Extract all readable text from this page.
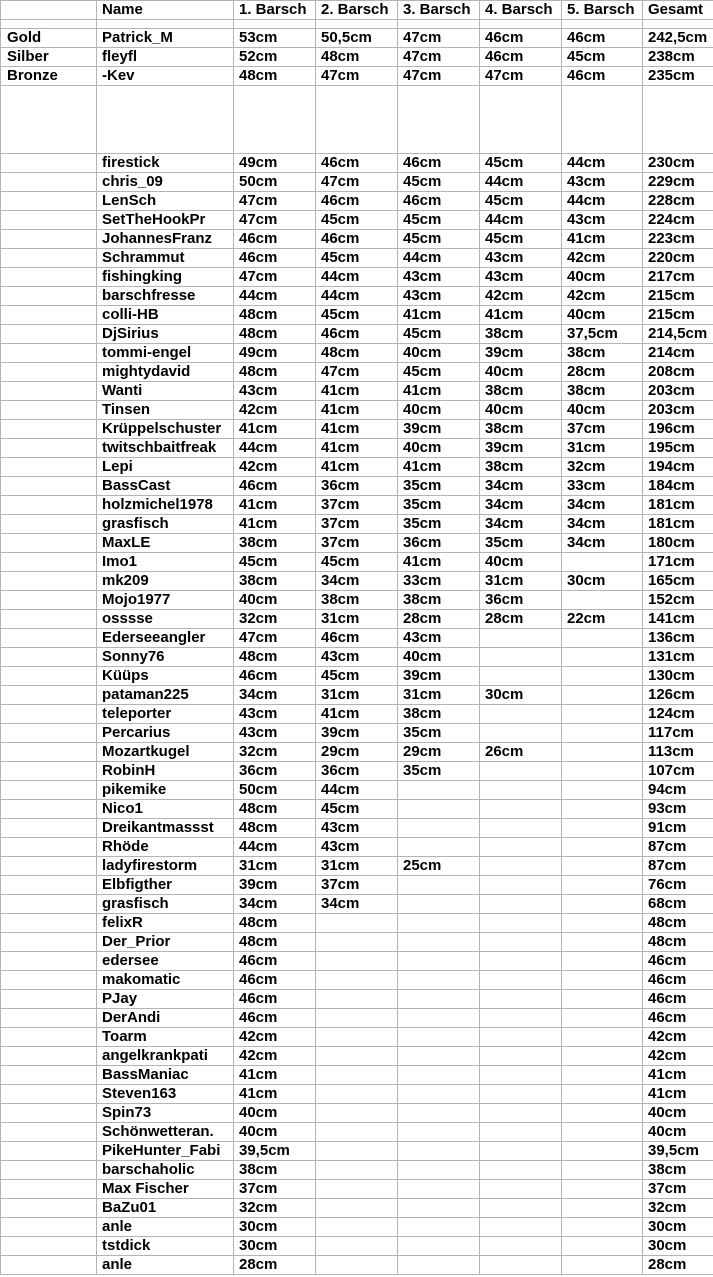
	Name	1. Barsch	2. Barsch	3. Barsch	4. Barsch	5. Barsch	Gesamt

Gold	Patrick_M	53cm	50,5cm	47cm	46cm	46cm	242,5cm
Silber	fleyfl	52cm	48cm	47cm	46cm	45cm	238cm
Bronze	-Kev	48cm	47cm	47cm	47cm	46cm	235cm

	firestick	49cm	46cm	46cm	45cm	44cm	230cm
	chris_09	50cm	47cm	45cm	44cm	43cm	229cm
	LenSch	47cm	46cm	46cm	45cm	44cm	228cm
	SetTheHookPr	47cm	45cm	45cm	44cm	43cm	224cm
	JohannesFranz	46cm	46cm	45cm	45cm	41cm	223cm
	Schrammut	46cm	45cm	44cm	43cm	42cm	220cm
	fishingking	47cm	44cm	43cm	43cm	40cm	217cm
	barschfresse	44cm	44cm	43cm	42cm	42cm	215cm
	colli-HB	48cm	45cm	41cm	41cm	40cm	215cm
	DjSirius	48cm	46cm	45cm	38cm	37,5cm	214,5cm
	tommi-engel	49cm	48cm	40cm	39cm	38cm	214cm
	mightydavid	48cm	47cm	45cm	40cm	28cm	208cm
	Wanti	43cm	41cm	41cm	38cm	38cm	203cm
	Tinsen	42cm	41cm	40cm	40cm	40cm	203cm
	Krüppelschuster	41cm	41cm	39cm	38cm	37cm	196cm
	twitschbaitfreak	44cm	41cm	40cm	39cm	31cm	195cm
	Lepi	42cm	41cm	41cm	38cm	32cm	194cm
	BassCast	46cm	36cm	35cm	34cm	33cm	184cm
	holzmichel1978	41cm	37cm	35cm	34cm	34cm	181cm
	grasfisch	41cm	37cm	35cm	34cm	34cm	181cm
	MaxLE	38cm	37cm	36cm	35cm	34cm	180cm
	Imo1	45cm	45cm	41cm	40cm		171cm
	mk209	38cm	34cm	33cm	31cm	30cm	165cm
	Mojo1977	40cm	38cm	38cm	36cm		152cm
	osssse	32cm	31cm	28cm	28cm	22cm	141cm
	Ederseeangler	47cm	46cm	43cm			136cm
	Sonny76	48cm	43cm	40cm			131cm
	Küüps	46cm	45cm	39cm			130cm
	pataman225	34cm	31cm	31cm	30cm		126cm
	teleporter	43cm	41cm	38cm			124cm
	Percarius	43cm	39cm	35cm			117cm
	Mozartkugel	32cm	29cm	29cm	26cm		113cm
	RobinH	36cm	36cm	35cm			107cm
	pikemike	50cm	44cm				94cm
	Nico1	48cm	45cm				93cm
	Dreikantmassst	48cm	43cm				91cm
	Rhöde	44cm	43cm				87cm
	ladyfirestorm	31cm	31cm	25cm			87cm
	Elbfigther	39cm	37cm				76cm
	grasfisch	34cm	34cm				68cm
	felixR	48cm					48cm
	Der_Prior	48cm					48cm
	edersee	46cm					46cm
	makomatic	46cm					46cm
	PJay	46cm					46cm
	DerAndi	46cm					46cm
	Toarm	42cm					42cm
	angelkrankpati	42cm					42cm
	BassManiac	41cm					41cm
	Steven163	41cm					41cm
	Spin73	40cm					40cm
	Schönwetteran.	40cm					40cm
	PikeHunter_Fabi	39,5cm					39,5cm
	barschaholic	38cm					38cm
	Max Fischer	37cm					37cm
	BaZu01	32cm					32cm
	anle	30cm					30cm
	tstdick	30cm					30cm
	anle	28cm					28cm
